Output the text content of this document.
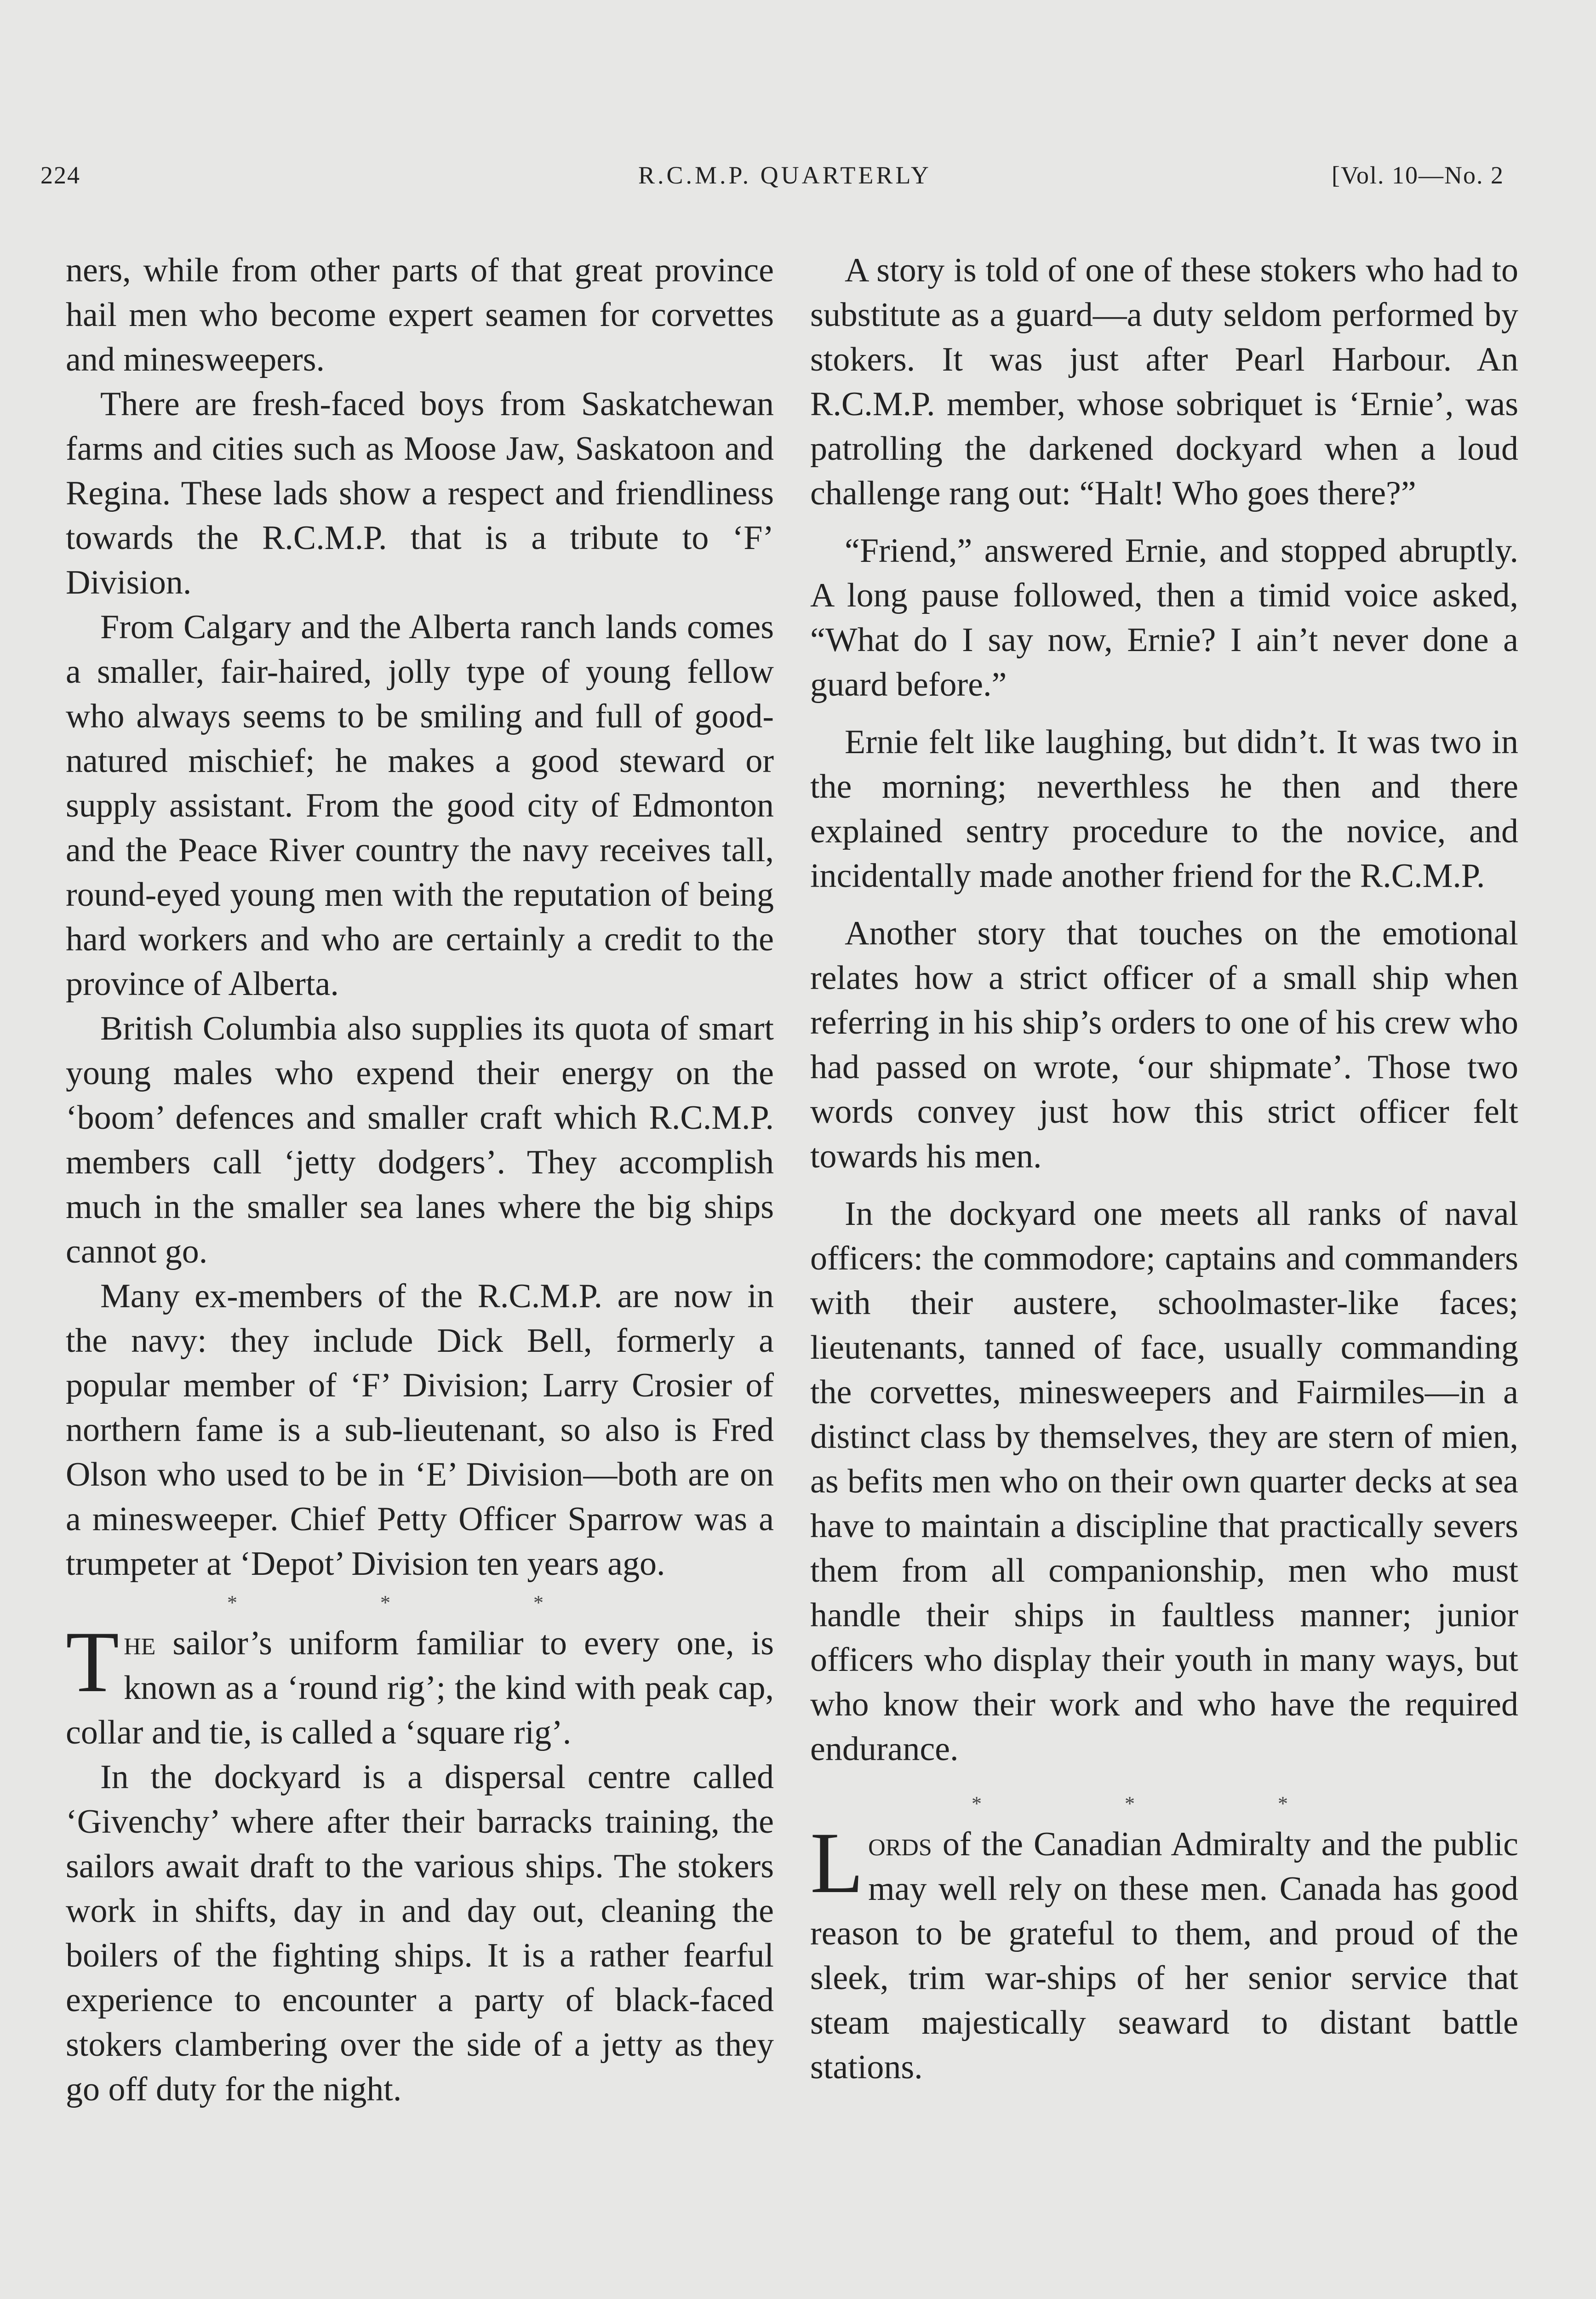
224	R.C.M.P. QUARTERLY	[Vol. 10—No. 2

ners, while from other parts of that great province hail men who become expert seamen for corvettes and minesweepers.

There are fresh-faced boys from Saskatchewan farms and cities such as Moose Jaw, Saskatoon and Regina. These lads show a respect and friendliness towards the R.C.M.P. that is a tribute to ‘F’ Division.

From Calgary and the Alberta ranch lands comes a smaller, fair-haired, jolly type of young fellow who always seems to be smiling and full of good-natured mischief; he makes a good steward or supply assistant. From the good city of Edmonton and the Peace River country the navy receives tall, round-eyed young men with the reputation of being hard workers and who are certainly a credit to the province of Alberta.

British Columbia also supplies its quota of smart young males who expend their energy on the ‘boom’ defences and smaller craft which R.C.M.P. members call ‘jetty dodgers’. They accomplish much in the smaller sea lanes where the big ships cannot go.

Many ex-members of the R.C.M.P. are now in the navy: they include Dick Bell, formerly a popular member of ‘F’ Division; Larry Crosier of northern fame is a sub-lieutenant, so also is Fred Olson who used to be in ‘E’ Division—both are on a minesweeper. Chief Petty Officer Sparrow was a trumpeter at ‘Depot’ Division ten years ago.

* * *

The sailor’s uniform familiar to every one, is known as a ‘round rig’; the kind with peak cap, collar and tie, is called a ‘square rig’.

In the dockyard is a dispersal centre called ‘Givenchy’ where after their barracks training, the sailors await draft to the various ships. The stokers work in shifts, day in and day out, cleaning the boilers of the fighting ships. It is a rather fearful experience to encounter a party of black-faced stokers clambering over the side of a jetty as they go off duty for the night.

A story is told of one of these stokers who had to substitute as a guard—a duty seldom performed by stokers. It was just after Pearl Harbour. An R.C.M.P. member, whose sobriquet is ‘Ernie’, was patrolling the darkened dockyard when a loud challenge rang out: “Halt! Who goes there?”

“Friend,” answered Ernie, and stopped abruptly. A long pause followed, then a timid voice asked, “What do I say now, Ernie? I ain’t never done a guard before.”

Ernie felt like laughing, but didn’t. It was two in the morning; neverthless he then and there explained sentry procedure to the novice, and incidentally made another friend for the R.C.M.P.

Another story that touches on the emotional relates how a strict officer of a small ship when referring in his ship’s orders to one of his crew who had passed on wrote, ‘our shipmate’. Those two words convey just how this strict officer felt towards his men.

In the dockyard one meets all ranks of naval officers: the commodore; captains and commanders with their austere, schoolmaster-like faces; lieutenants, tanned of face, usually commanding the corvettes, minesweepers and Fairmiles—in a distinct class by themselves, they are stern of mien, as befits men who on their own quarter decks at sea have to maintain a discipline that practically severs them from all companionship, men who must handle their ships in faultless manner; junior officers who display their youth in many ways, but who know their work and who have the required endurance.

* * *

Lords of the Canadian Admiralty and the public may well rely on these men. Canada has good reason to be grateful to them, and proud of the sleek, trim war-ships of her senior service that steam majestically seaward to distant battle stations.
